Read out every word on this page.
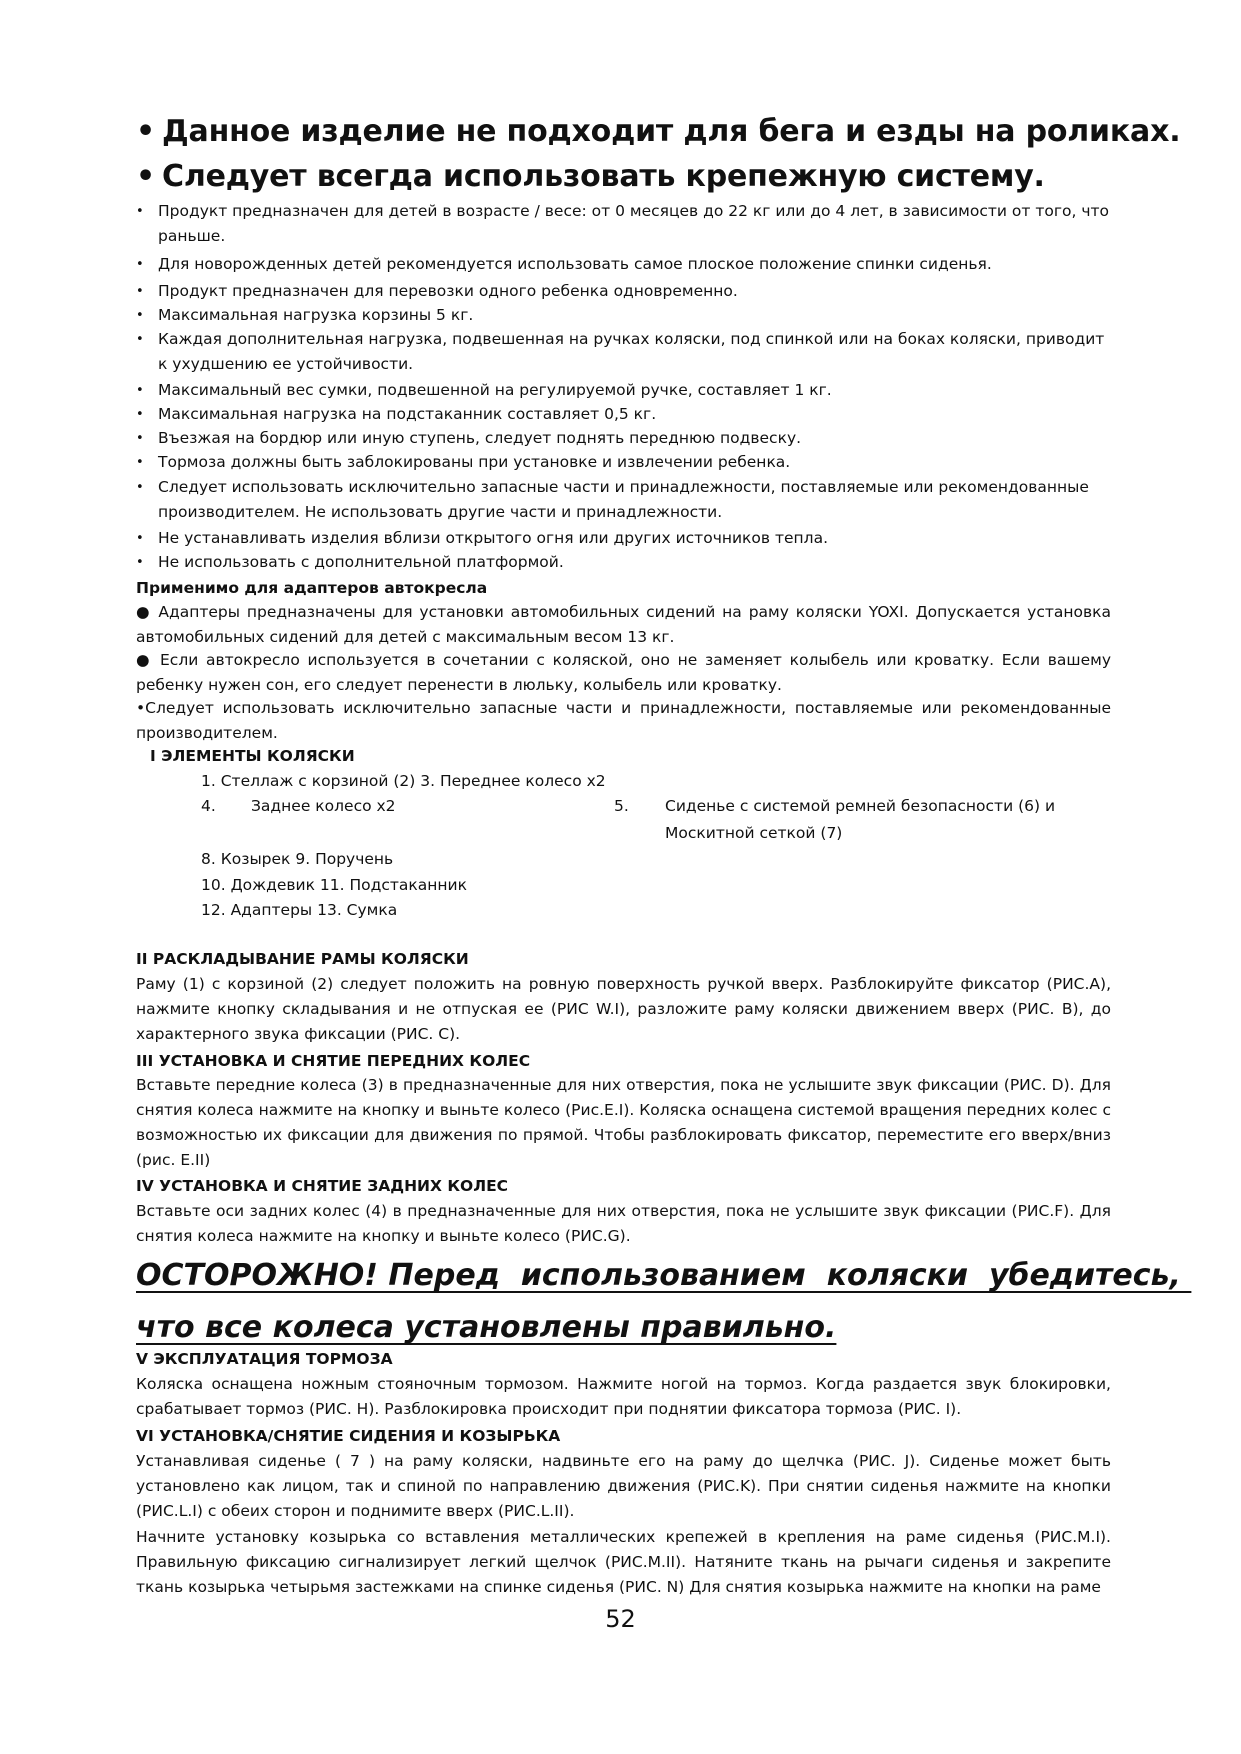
• Данное изделие не подходит для бега и езды на роликах.
• Следует всегда использовать крепежную систему.
• Продукт предназначен для детей в возрасте / весе: от 0 месяцев до 22 кг или до 4 лет, в зависимости от того, что раньше.
• Для новорожденных детей рекомендуется использовать самое плоское положение спинки сиденья.
• Продукт предназначен для перевозки одного ребенка одновременно.
• Максимальная нагрузка корзины 5 кг.
• Каждая дополнительная нагрузка, подвешенная на ручках коляски, под спинкой или на боках коляски, приводит к ухудшению ее устойчивости.
• Максимальный вес сумки, подвешенной на регулируемой ручке, составляет 1 кг.
• Максимальная нагрузка на подстаканник составляет 0,5 кг.
• Въезжая на бордюр или иную ступень, следует поднять переднюю подвеску.
• Тормоза должны быть заблокированы при установке и извлечении ребенка.
• Следует использовать исключительно запасные части и принадлежности, поставляемые или рекомендованные производителем. Не использовать другие части и принадлежности.
• Не устанавливать изделия вблизи открытого огня или других источников тепла.
• Не использовать с дополнительной платформой.
Применимо для адаптеров автокресла
● Адаптеры предназначены для установки автомобильных сидений на раму коляски YOXI. Допускается установка автомобильных сидений для детей с максимальным весом 13 кг.
● Если автокресло используется в сочетании с коляской, оно не заменяет колыбель или кроватку. Если вашему ребенку нужен сон, его следует перенести в люльку, колыбель или кроватку.
•Следует использовать исключительно запасные части и принадлежности, поставляемые или рекомендованные производителем.
I ЭЛЕМЕНТЫ КОЛЯСКИ
1. Стеллаж с корзиной (2) 3. Переднее колесо x2
4. Заднее колесо x2	5. Сиденье с системой ремней безопасности (6) и
Москитной сеткой (7)
8. Козырек 9. Поручень
10. Дождевик 11. Подстаканник
12. Адаптеры 13. Сумка
II РАСКЛАДЫВАНИЕ РАМЫ КОЛЯСКИ
Раму (1) с корзиной (2) следует положить на ровную поверхность ручкой вверх. Разблокируйте фиксатор (РИС.A), нажмите кнопку складывания и не отпуская ее (РИС W.I), разложите раму коляски движением вверх (РИС. B), до характерного звука фиксации (РИС. C).
III УСТАНОВКА И СНЯТИЕ ПЕРЕДНИХ КОЛЕС
Вставьте передние колеса (3) в предназначенные для них отверстия, пока не услышите звук фиксации (РИС. D). Для снятия колеса нажмите на кнопку и выньте колесо (Рис.E.I). Коляска оснащена системой вращения передних колес с возможностью их фиксации для движения по прямой. Чтобы разблокировать фиксатор, переместите его вверх/вниз (рис. E.II)
IV УСТАНОВКА И СНЯТИЕ ЗАДНИХ КОЛЕС
Вставьте оси задних колес (4) в предназначенные для них отверстия, пока не услышите звук фиксации (РИС.F). Для снятия колеса нажмите на кнопку и выньте колесо (РИС.G).
ОСТОРОЖНО! Перед  использованием  коляски  убедитесь,
что все колеса установлены правильно.
V ЭКСПЛУАТАЦИЯ ТОРМОЗА
Коляска оснащена ножным стояночным тормозом. Нажмите ногой на тормоз. Когда раздается звук блокировки, срабатывает тормоз (РИС. H). Разблокировка происходит при поднятии фиксатора тормоза (РИС. I).
VI УСТАНОВКА/СНЯТИЕ СИДЕНИЯ И КОЗЫРЬКА
Устанавливая сиденье ( 7 ) на раму коляски, надвиньте его на раму до щелчка (РИС. J). Сиденье может быть установлено как лицом, так и спиной по направлению движения (РИС.K). При снятии сиденья нажмите на кнопки (РИС.L.I) с обеих сторон и поднимите вверх (РИС.L.II).
Начните установку козырька со вставления металлических крепежей в крепления на раме сиденья (РИС.M.I). Правильную фиксацию сигнализирует легкий щелчок (РИС.M.II). Натяните ткань на рычаги сиденья и закрепите ткань козырька четырьмя застежками на спинке сиденья (РИС. N) Для снятия козырька нажмите на кнопки на раме
52
